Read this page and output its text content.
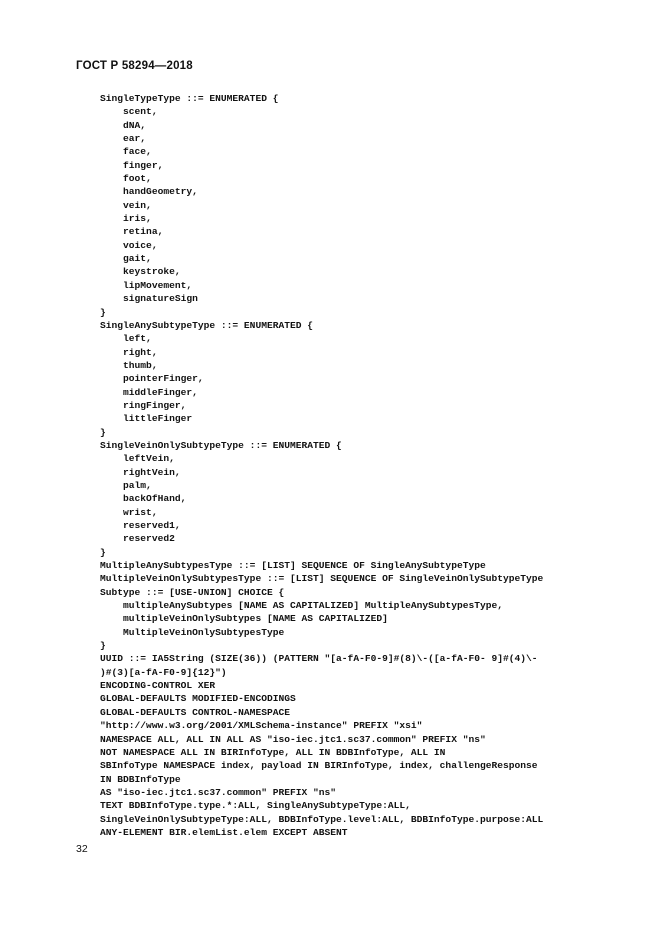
ГОСТ Р 58294—2018
SingleTypeType ::= ENUMERATED {
scent,
dNA,
ear,
face,
finger,
foot,
handGeometry,
vein,
iris,
retina,
voice,
gait,
keystroke,
lipMovement,
signatureSign
}
SingleAnySubtypeType ::= ENUMERATED {
left,
right,
thumb,
pointerFinger,
middleFinger,
ringFinger,
littleFinger
}
SingleVeinOnlySubtypeType ::= ENUMERATED {
leftVein,
rightVein,
palm,
backOfHand,
wrist,
reserved1,
reserved2
}
MultipleAnySubtypesType ::= [LIST] SEQUENCE OF SingleAnySubtypeType
MultipleVeinOnlySubtypesType ::= [LIST] SEQUENCE OF SingleVeinOnlySubtypeType
Subtype ::= [USE-UNION] CHOICE {
multipleAnySubtypes [NAME AS CAPITALIZED] MultipleAnySubtypesType,
multipleVeinOnlySubtypes [NAME AS CAPITALIZED]
MultipleVeinOnlySubtypesType
}
UUID ::= IA5String (SIZE(36)) (PATTERN "[a-fA-F0-9]#(8)\-([a-fA-F0- 9]#(4)\-
)#(3)[a-fA-F0-9]{12}")
ENCODING-CONTROL XER
GLOBAL-DEFAULTS MODIFIED-ENCODINGS
GLOBAL-DEFAULTS CONTROL-NAMESPACE
"http://www.w3.org/2001/XMLSchema-instance" PREFIX "xsi"
NAMESPACE ALL, ALL IN ALL AS "iso-iec.jtc1.sc37.common" PREFIX "ns"
NOT NAMESPACE ALL IN BIRInfoType, ALL IN BDBInfoType, ALL IN
SBInfoType NAMESPACE index, payload IN BIRInfoType, index, challengeResponse
IN BDBInfoType
AS "iso-iec.jtc1.sc37.common" PREFIX "ns"
TEXT BDBInfoType.type.*:ALL, SingleAnySubtypeType:ALL,
SingleVeinOnlySubtypeType:ALL, BDBInfoType.level:ALL, BDBInfoType.purpose:ALL
ANY-ELEMENT BIR.elemList.elem EXCEPT ABSENT
32
